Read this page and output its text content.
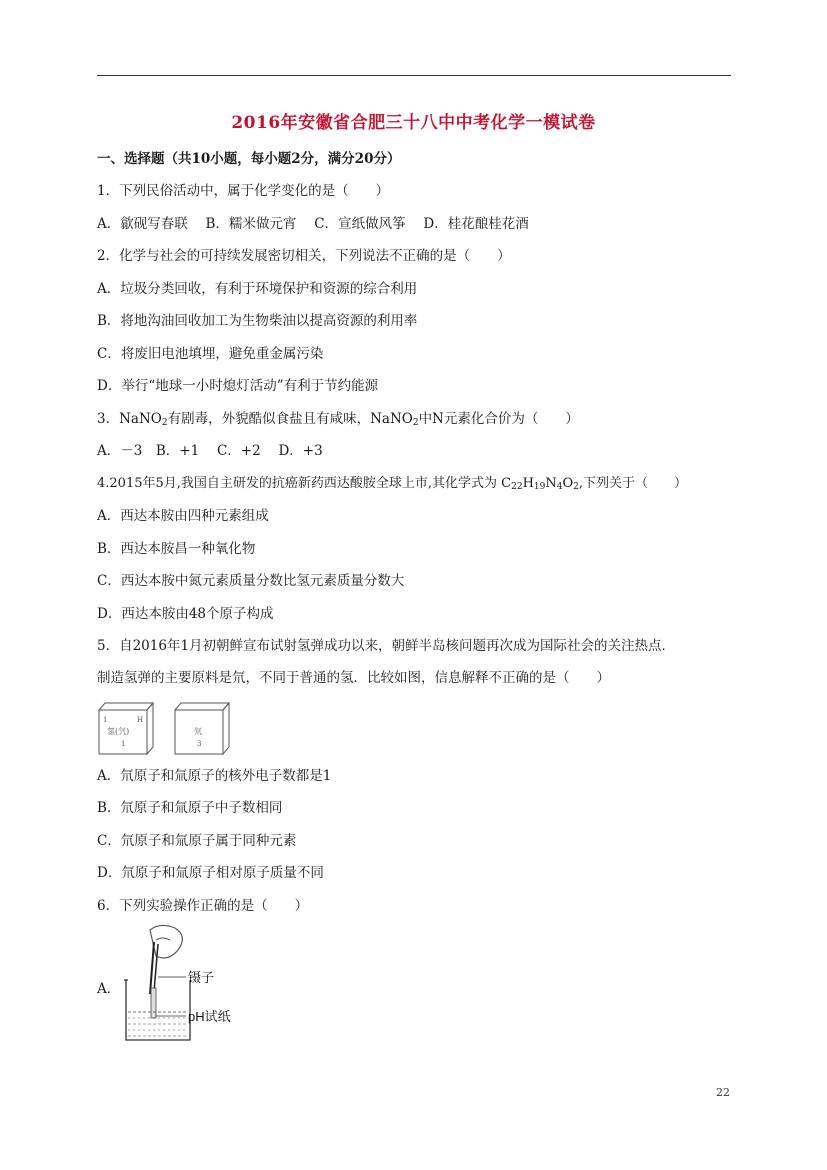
2016年安徽省合肥三十八中中考化学一模试卷
一、选择题（共10小题，每小题2分，满分20分）
1．下列民俗活动中，属于化学变化的是（　　）
A．歙砚写春联　 B．糯米做元宵　 C．宣纸做风筝　 D．桂花酿桂花酒
2．化学与社会的可持续发展密切相关，下列说法不正确的是（　　）
A．垃圾分类回收，有利于环境保护和资源的综合利用
B．将地沟油回收加工为生物柴油以提高资源的利用率
C．将废旧电池填埋，避免重金属污染
D．举行“地球一小时熄灯活动”有利于节约能源
3．NaNO$_2$有剧毒，外貌酷似食盐且有咸味，NaNO$_2$中N元素化合价为（　　）
A．－3　B．+1　 C．+2　 D．+3
4.2015年5月,我国自主研发的抗癌新药西达酸胺全球上市,其化学式为 $C_{22}H_{19}N_4O_2$,下列关于（　　）
A．西达本胺由四种元素组成
B．西达本胺昌一种氧化物
C．西达本胺中氮元素质量分数比氢元素质量分数大
D．西达本胺由48个原子构成
5．自2016年1月初朝鲜宣布试射氢弹成功以来，朝鲜半岛核问题再次成为国际社会的关注热点．
制造氢弹的主要原料是氘，不同于普通的氢．比较如图，信息解释不正确的是（　　）
1	H
氢(氕)
1
氘
3
A．氘原子和氚原子的核外电子数都是1
B．氘原子和氚原子中子数相同
C．氘原子和氚原子属于同种元素
D．氘原子和氚原子相对原子质量不同
6．下列实验操作正确的是（　　）
A．
镊子
pH试纸
22
